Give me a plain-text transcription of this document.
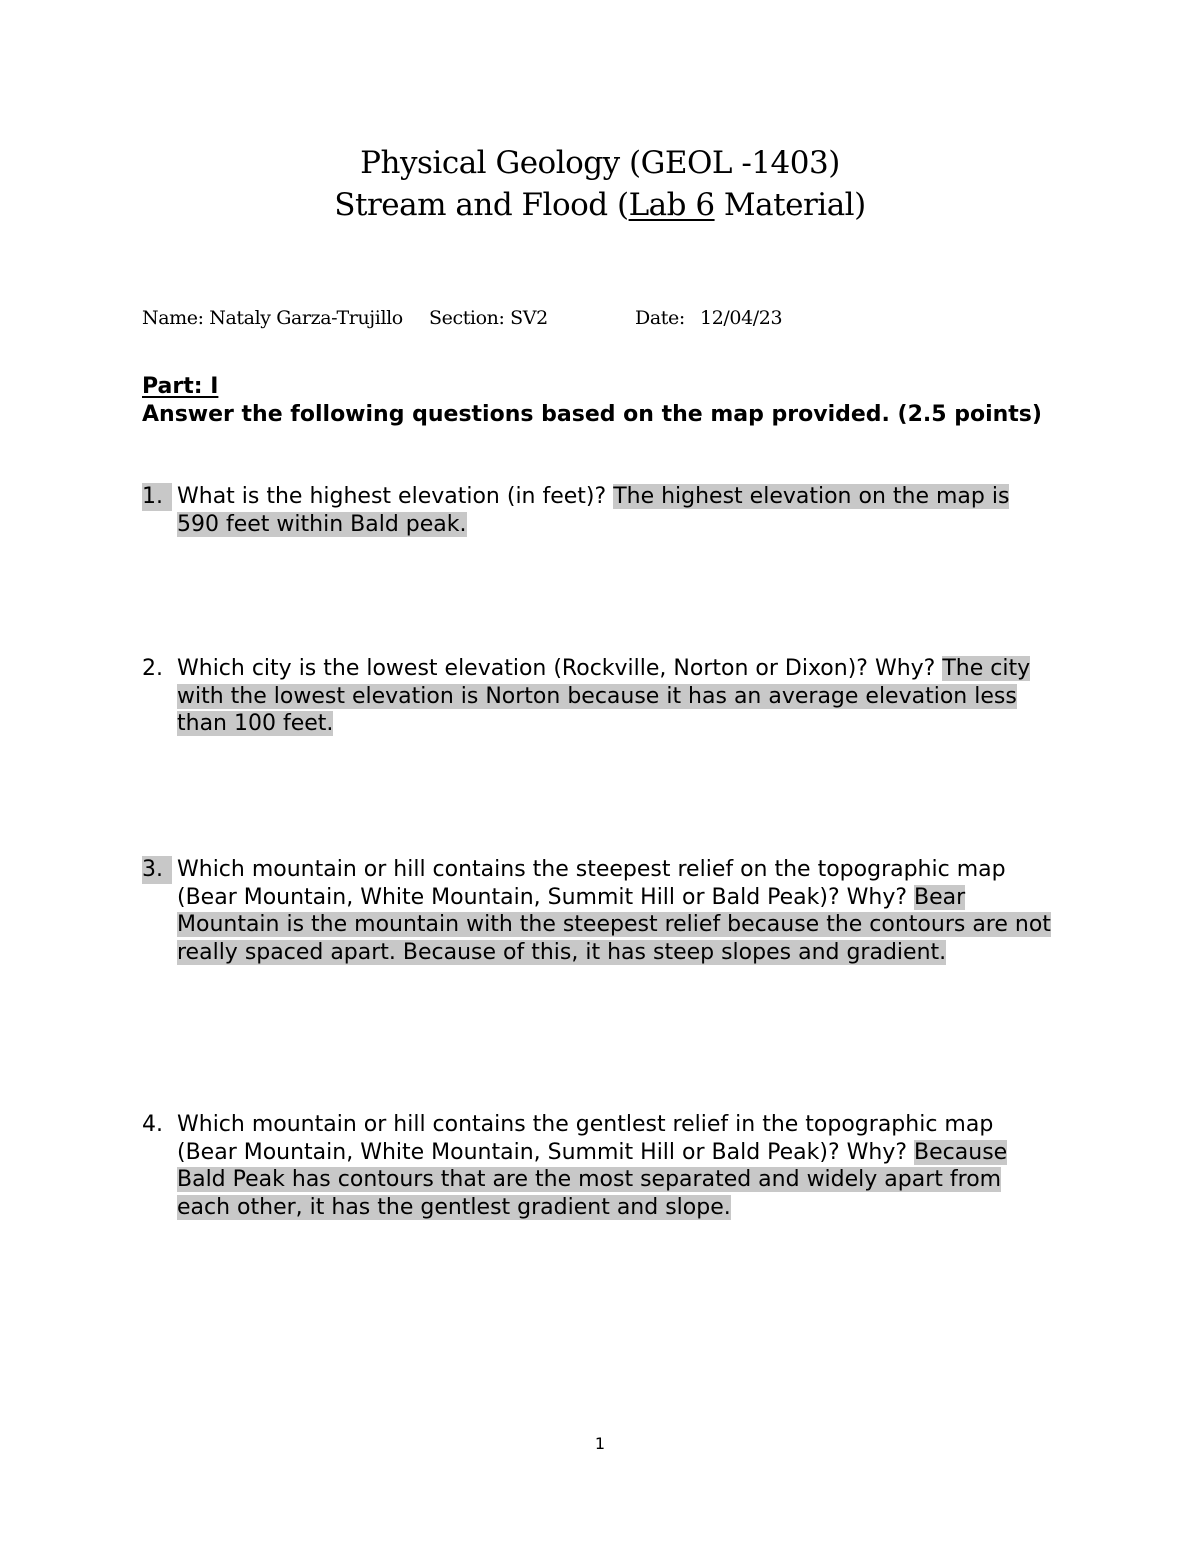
Physical Geology (GEOL -1403)
Stream and Flood (Lab 6 Material)
Name: Nataly Garza-Trujillo Section: SV2	Date: 12/04/23
Part: I
Answer the following questions based on the map provided. (2.5 points)
1. What is the highest elevation (in feet)? The highest elevation on the map is 590 feet within Bald peak.
2. Which city is the lowest elevation (Rockville, Norton or Dixon)? Why? The city with the lowest elevation is Norton because it has an average elevation less than 100 feet.
3. Which mountain or hill contains the steepest relief on the topographic map (Bear Mountain, White Mountain, Summit Hill or Bald Peak)? Why? Bear Mountain is the mountain with the steepest relief because the contours are not really spaced apart. Because of this, it has steep slopes and gradient.
4. Which mountain or hill contains the gentlest relief in the topographic map (Bear Mountain, White Mountain, Summit Hill or Bald Peak)? Why? Because Bald Peak has contours that are the most separated and widely apart from each other, it has the gentlest gradient and slope.
1
